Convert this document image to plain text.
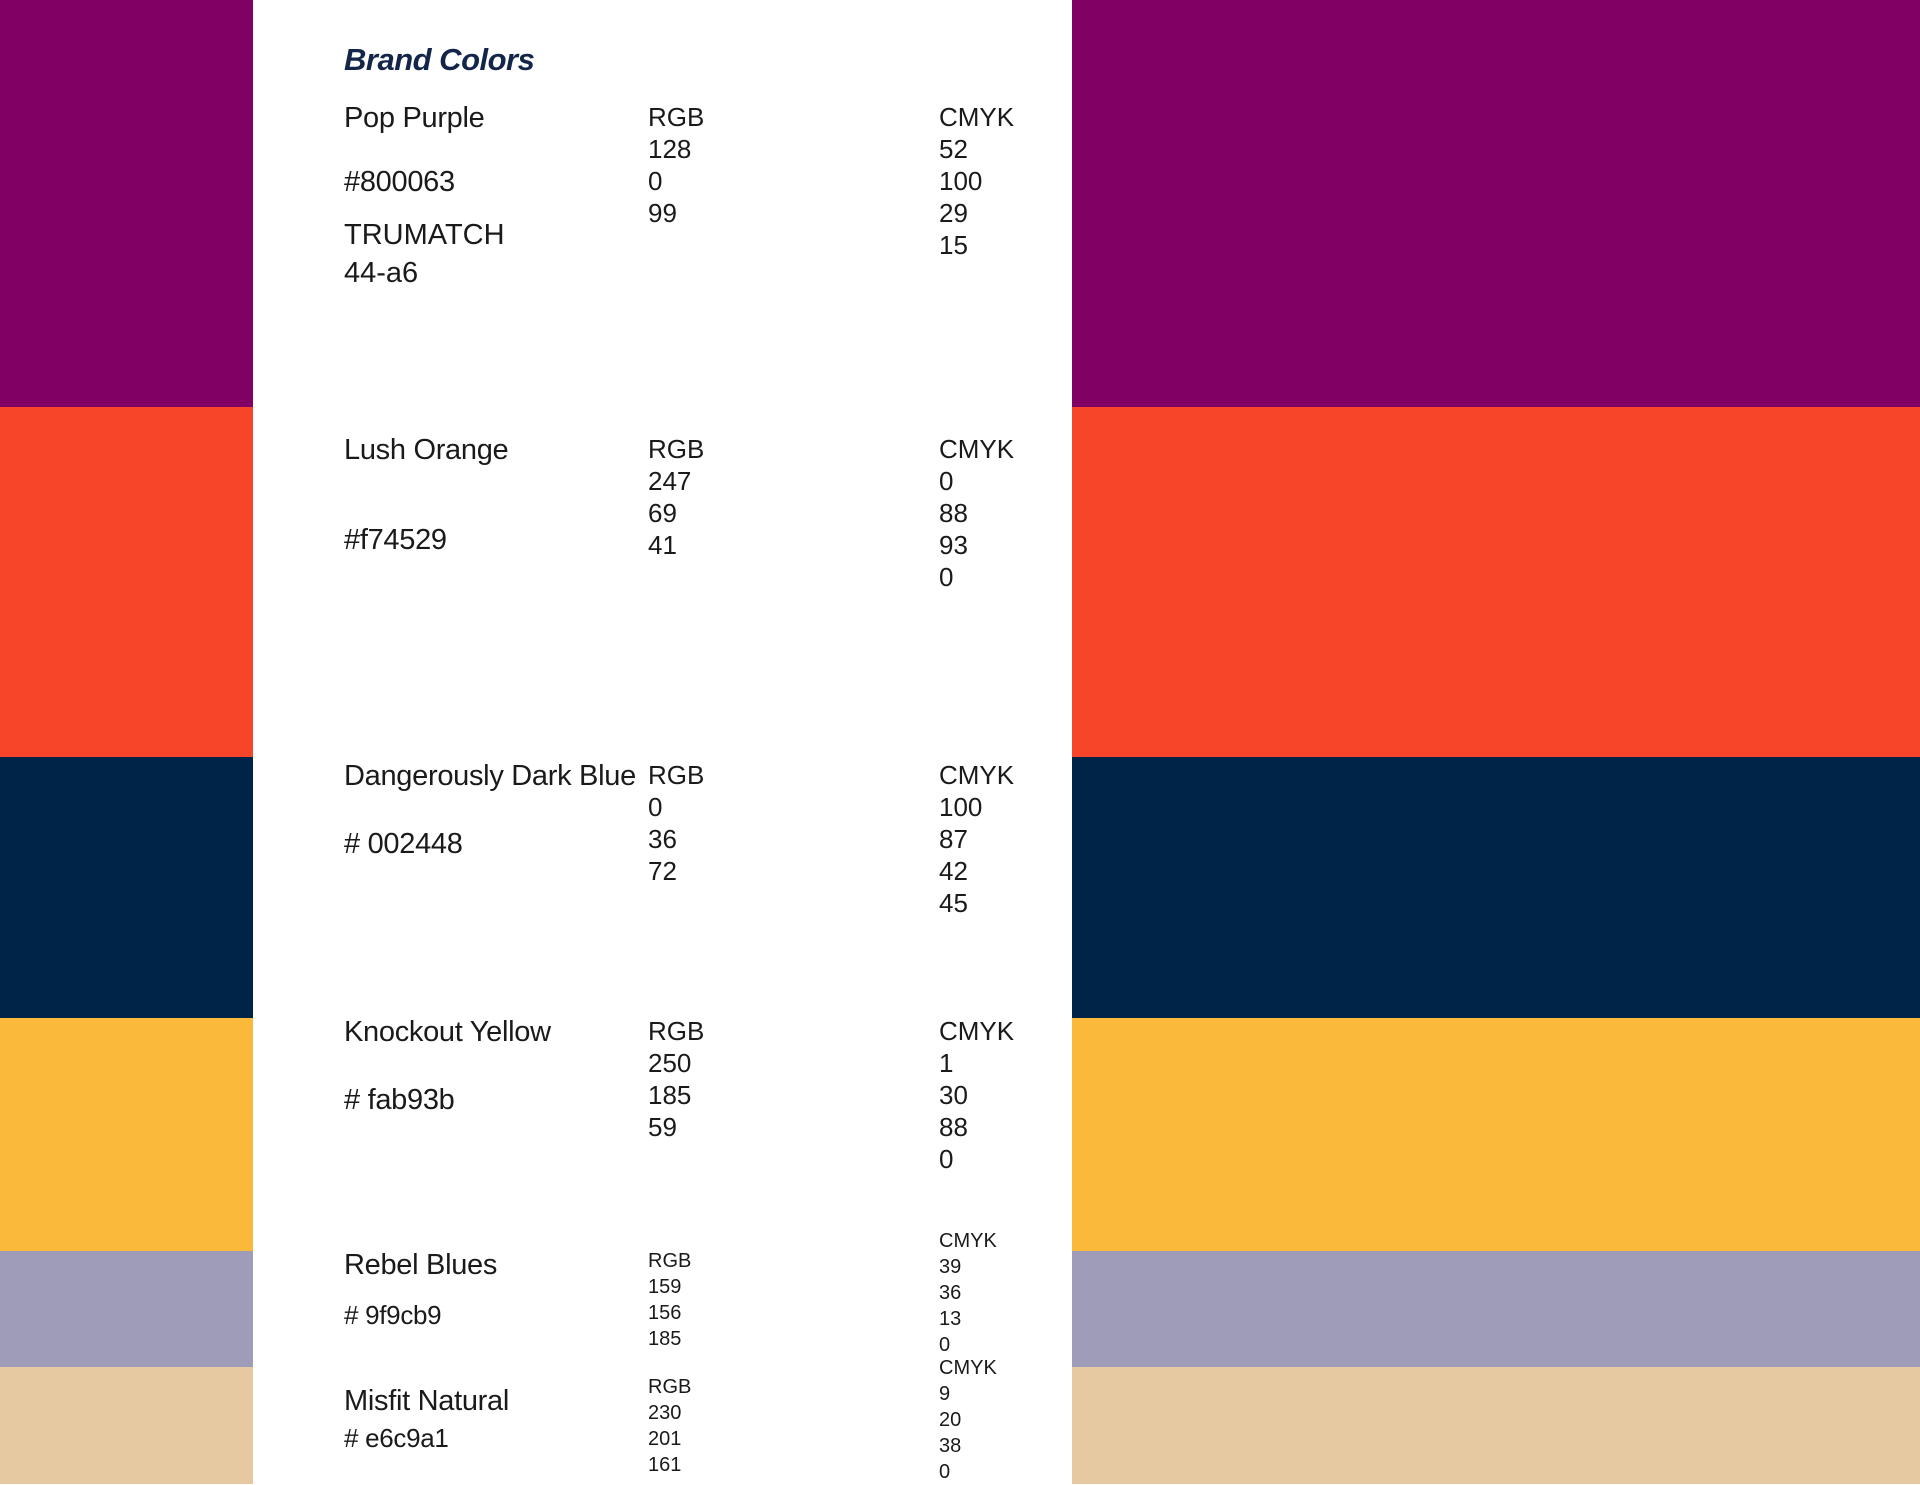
Brand Colors
Pop Purple
#800063
TRUMATCH
44-a6
RGB
128
0
99
CMYK
52
100
29
15
Lush Orange
#f74529
RGB
247
69
41
CMYK
0
88
93
0
Dangerously Dark Blue
# 002448
RGB
0
36
72
CMYK
100
87
42
45
Knockout Yellow
# fab93b
RGB
250
185
59
CMYK
1
30
88
0
Rebel Blues
# 9f9cb9
RGB
159
156
185
CMYK
39
36
13
0
Misfit Natural
# e6c9a1
RGB
230
201
161
CMYK
9
20
38
0
